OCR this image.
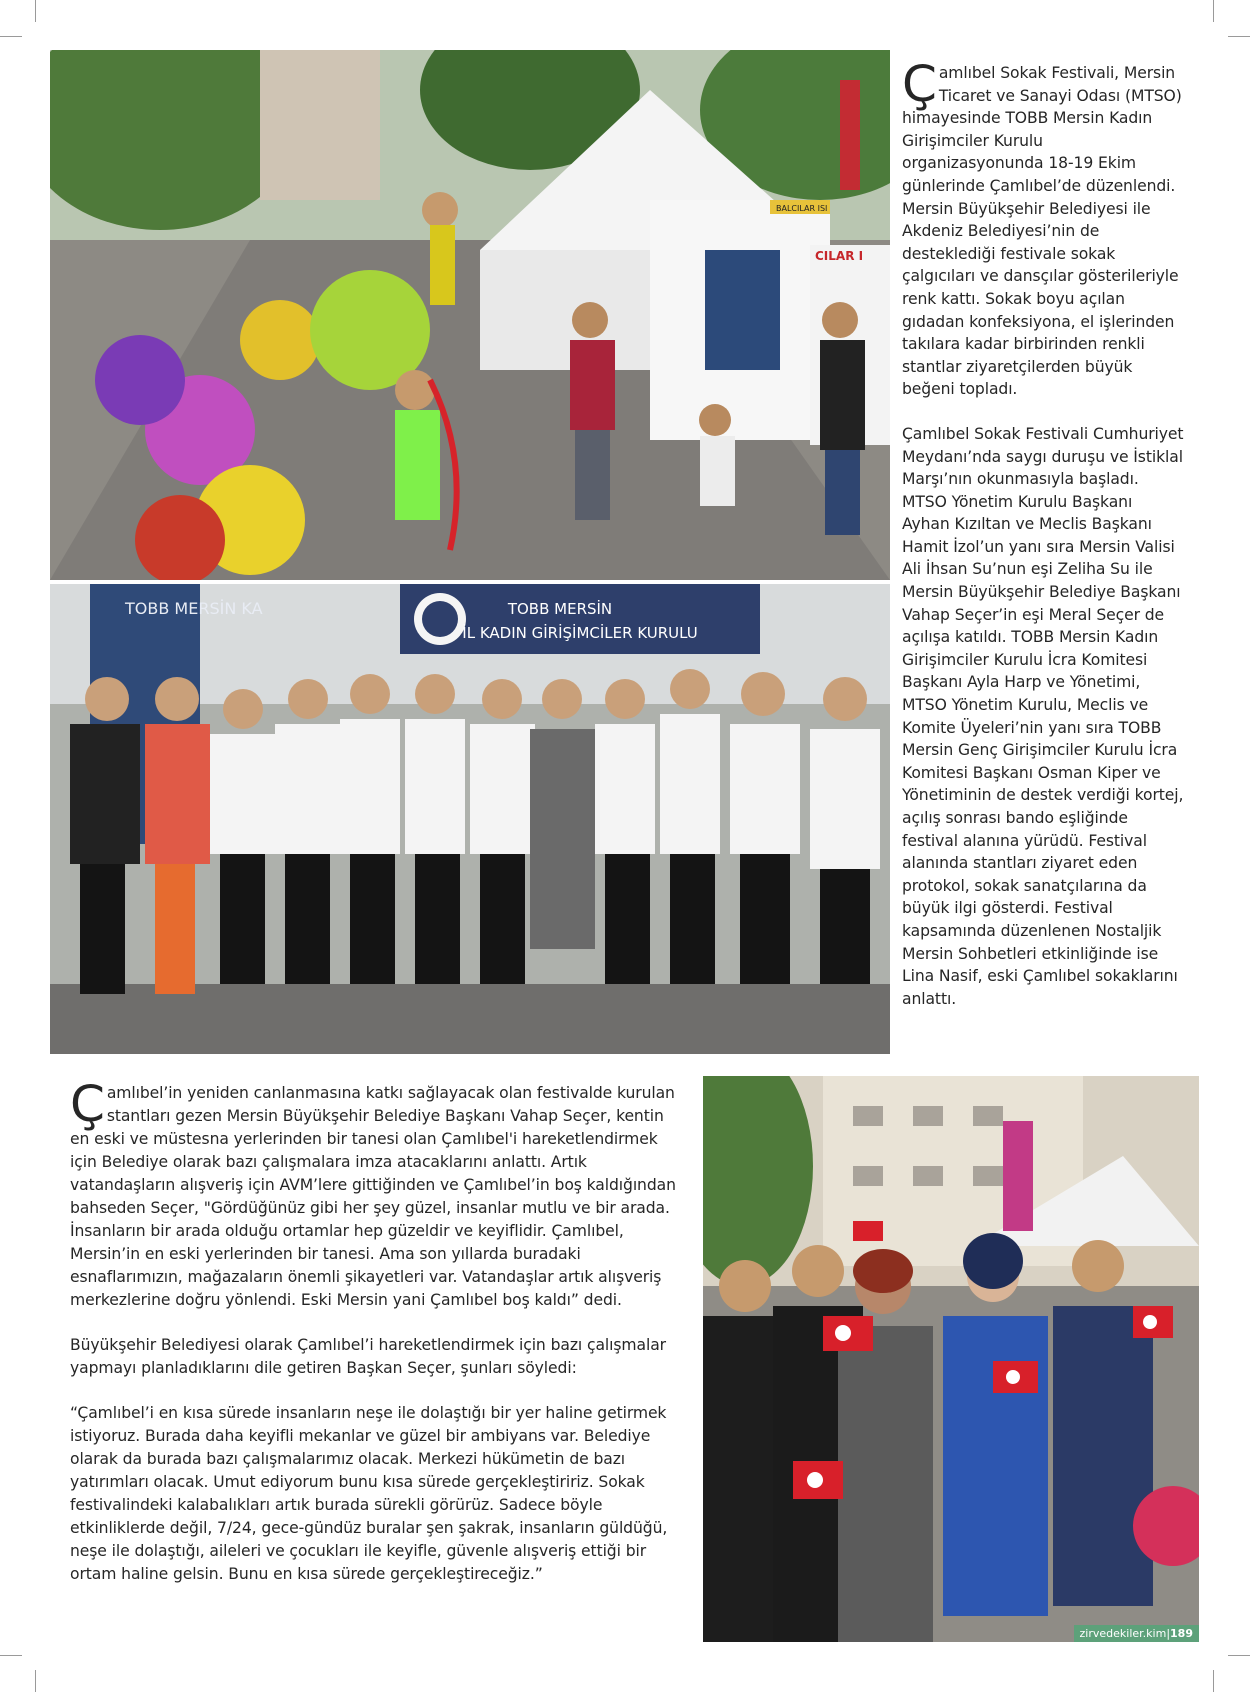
BALCILAR ISI
CILAR I
TOBB MERSİN KA	TOBB MERSİN
İL KADIN GİRİŞİMCİLER KURULU
zirvedekiler.kim|189

Çamlıbel Sokak Festivali, Mersin Ticaret ve Sanayi Odası (MTSO) himayesinde TOBB Mersin Kadın Girişimciler Kurulu organizasyonunda 18-19 Ekim günlerinde Çamlıbel’de düzenlendi. Mersin Büyükşehir Belediyesi ile Akdeniz Belediyesi’nin de desteklediği festivale sokak çalgıcıları ve dansçılar gösterileriyle renk kattı. Sokak boyu açılan gıdadan konfeksiyona, el işlerinden takılara kadar birbirinden renkli stantlar ziyaretçilerden büyük beğeni topladı.

Çamlıbel Sokak Festivali Cumhuriyet Meydanı’nda saygı duruşu ve İstiklal Marşı’nın okunmasıyla başladı. MTSO Yönetim Kurulu Başkanı Ayhan Kızıltan ve Meclis Başkanı Hamit İzol’un yanı sıra Mersin Valisi Ali İhsan Su’nun eşi Zeliha Su ile Mersin Büyükşehir Belediye Başkanı Vahap Seçer’in eşi Meral Seçer de açılışa katıldı. TOBB Mersin Kadın Girişimciler Kurulu İcra Komitesi Başkanı Ayla Harp ve Yönetimi, MTSO Yönetim Kurulu, Meclis ve Komite Üyeleri’nin yanı sıra TOBB Mersin Genç Girişimciler Kurulu İcra Komitesi Başkanı Osman Kiper ve Yönetiminin de destek verdiği kortej, açılış sonrası bando eşliğinde festival alanına yürüdü. Festival alanında stantları ziyaret eden protokol, sokak sanatçılarına da büyük ilgi gösterdi. Festival kapsamında düzenlenen Nostaljik Mersin Sohbetleri etkinliğinde ise Lina Nasif, eski Çamlıbel sokaklarını anlattı.

Çamlıbel’in yeniden canlanmasına katkı sağlayacak olan festivalde kurulan stantları gezen Mersin Büyükşehir Belediye Başkanı Vahap Seçer, kentin en eski ve müstesna yerlerinden bir tanesi olan Çamlıbel'i hareketlendirmek için Belediye olarak bazı çalışmalara imza atacaklarını anlattı. Artık vatandaşların alışveriş için AVM’lere gittiğinden ve Çamlıbel’in boş kaldığından bahseden Seçer, "Gördüğünüz gibi her şey güzel, insanlar mutlu ve bir arada. İnsanların bir arada olduğu ortamlar hep güzeldir ve keyiflidir. Çamlıbel, Mersin’in en eski yerlerinden bir tanesi. Ama son yıllarda buradaki esnaflarımızın, mağazaların önemli şikayetleri var. Vatandaşlar artık alışveriş merkezlerine doğru yönlendi. Eski Mersin yani Çamlıbel boş kaldı” dedi.

Büyükşehir Belediyesi olarak Çamlıbel’i hareketlendirmek için bazı çalışmalar yapmayı planladıklarını dile getiren Başkan Seçer, şunları söyledi:

“Çamlıbel’i en kısa sürede insanların neşe ile dolaştığı bir yer haline getirmek istiyoruz. Burada daha keyifli mekanlar ve güzel bir ambiyans var. Belediye olarak da burada bazı çalışmalarımız olacak. Merkezi hükümetin de bazı yatırımları olacak. Umut ediyorum bunu kısa sürede gerçekleştiririz. Sokak festivalindeki kalabalıkları artık burada sürekli görürüz. Sadece böyle etkinliklerde değil, 7/24, gece-gündüz buralar şen şakrak, insanların güldüğü, neşe ile dolaştığı, aileleri ve çocukları ile keyifle, güvenle alışveriş ettiği bir ortam haline gelsin. Bunu en kısa sürede gerçekleştireceğiz.”
